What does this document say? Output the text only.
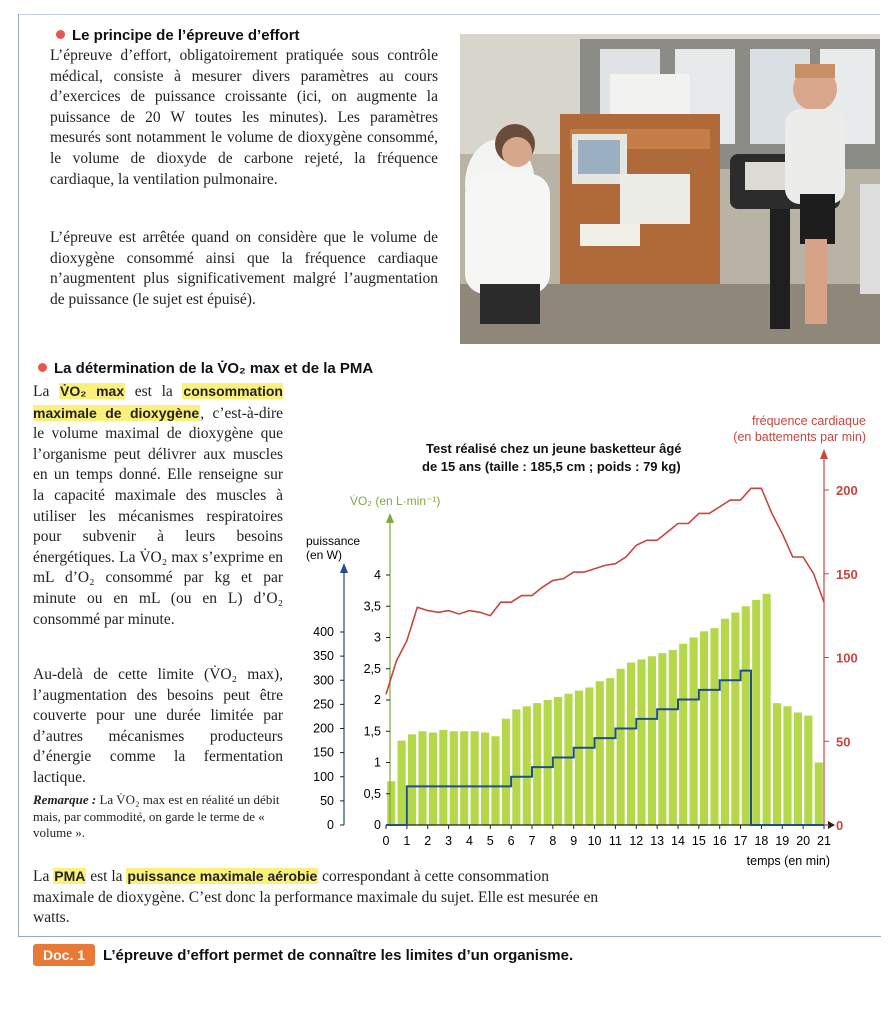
Le principe de l’épreuve d’effort

L’épreuve d’effort, obligatoirement pratiquée sous contrôle médical, consiste à mesurer divers paramètres au cours d’exercices de puissance croissante (ici, on augmente la puissance de 20 W toutes les minutes). Les paramètres mesurés sont notamment le volume de dioxygène consommé, le volume de dioxyde de carbone rejeté, la fréquence cardiaque, la ventilation pulmonaire.

L’épreuve est arrêtée quand on considère que le volume de dioxygène consommé ainsi que la fréquence cardiaque n’augmentent plus significativement malgré l’augmentation de puissance (le sujet est épuisé).

La détermination de la V̇O₂ max et de la PMA

La V̇O₂ max est la consommation maximale de dioxygène, c’est-à-dire le volume maximal de dioxygène que l’organisme peut délivrer aux muscles en un temps donné. Elle renseigne sur la capacité maximale des muscles à utiliser les mécanismes respiratoires pour subvenir à leurs besoins énergétiques. La V̇O₂ max s’exprime en mL d’O₂ consommé par kg et par minute ou en mL (ou en L) d’O₂ consommé par minute.

Au-delà de cette limite (V̇O₂ max), l’augmentation des besoins peut être couverte pour une durée limitée par d’autres mécanismes producteurs d’énergie comme la fermentation lactique.

Remarque : La V̇O₂ max est en réalité un débit mais, par commodité, on garde le terme de « volume ».

La PMA est la puissance maximale aérobie correspondant à cette consommation maximale de dioxygène. C’est donc la performance maximale du sujet. Elle est mesurée en watts.

Test réalisé chez un jeune basketteur âgé
de 15 ans (taille : 185,5 cm ; poids : 79 kg)
0 1 2 3 4 5 6 7 8 9 10 11 12 13 14 15 16 17 18 19 20 21
temps (en min)
0
0,5
1
1,5
2
2,5
3
3,5
4
V̇O₂ (en L·min⁻¹)
0
50
100
150
200
250
300
350
400
puissance
(en W)
0
50
100
150
200
fréquence cardiaque
(en battements par min)
Doc. 1	L’épreuve d’effort permet de connaître les limites d’un organisme.
